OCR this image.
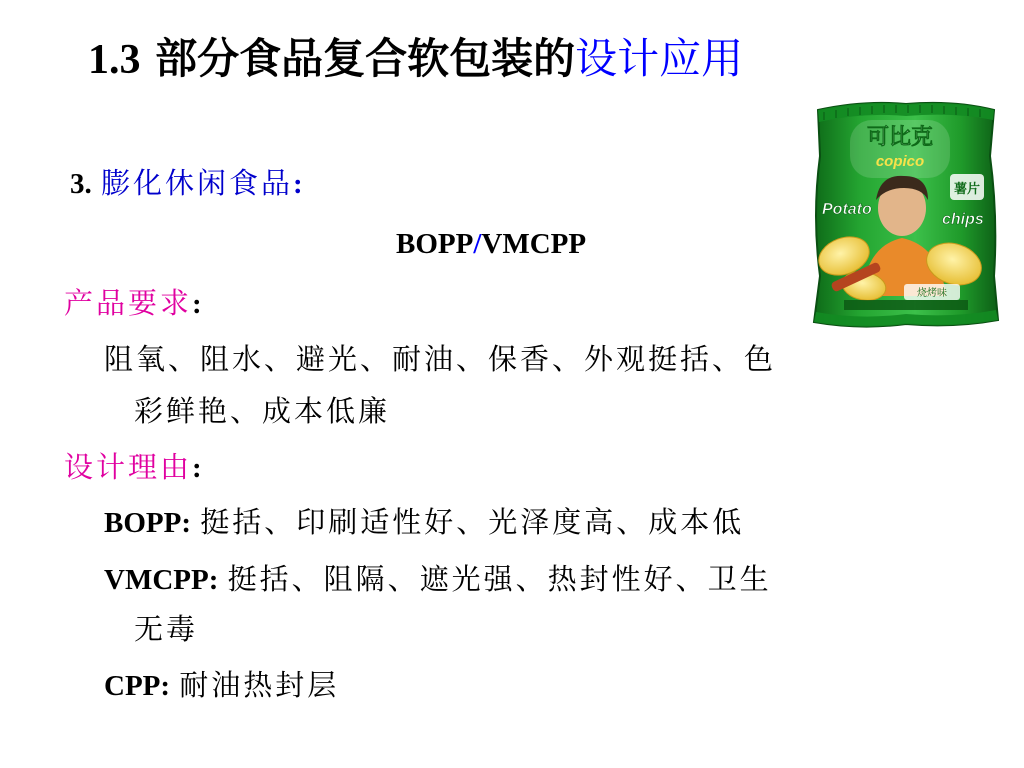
1.3 部分食品复合软包装的设计应用
3. 膨化休闲食品:
BOPP/VMCPP
产品要求:
阻氧、阻水、避光、耐油、保香、外观挺括、色
彩鲜艳、成本低廉
设计理由:
BOPP: 挺括、印刷适性好、光泽度高、成本低
VMCPP: 挺括、阻隔、遮光强、热封性好、卫生
无毒
CPP: 耐油热封层
可比克
copico
薯片
Potato
chips
烧烤味
